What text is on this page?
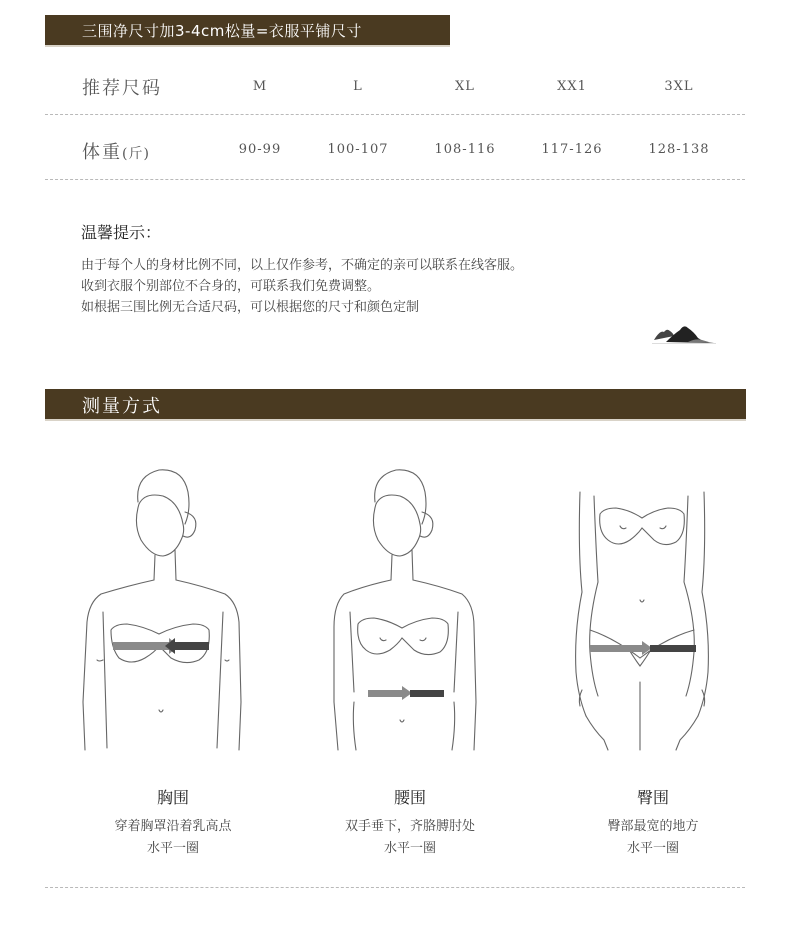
三围净尺寸加3-4cm松量=衣服平铺尺寸
推荐尺码	M	L	XL	XX1	3XL
体重(斤)	90-99	100-107	108-116	117-126	128-138
温馨提示：
由于每个人的身材比例不同，以上仅作参考，不确定的亲可以联系在线客服。
收到衣服个别部位不合身的，可联系我们免费调整。
如根据三围比例无合适尺码，可以根据您的尺寸和颜色定制
测量方式
胸围
穿着胸罩沿着乳高点
水平一圈
腰围
双手垂下，齐胳膊肘处
水平一圈
臀围
臀部最宽的地方
水平一圈
